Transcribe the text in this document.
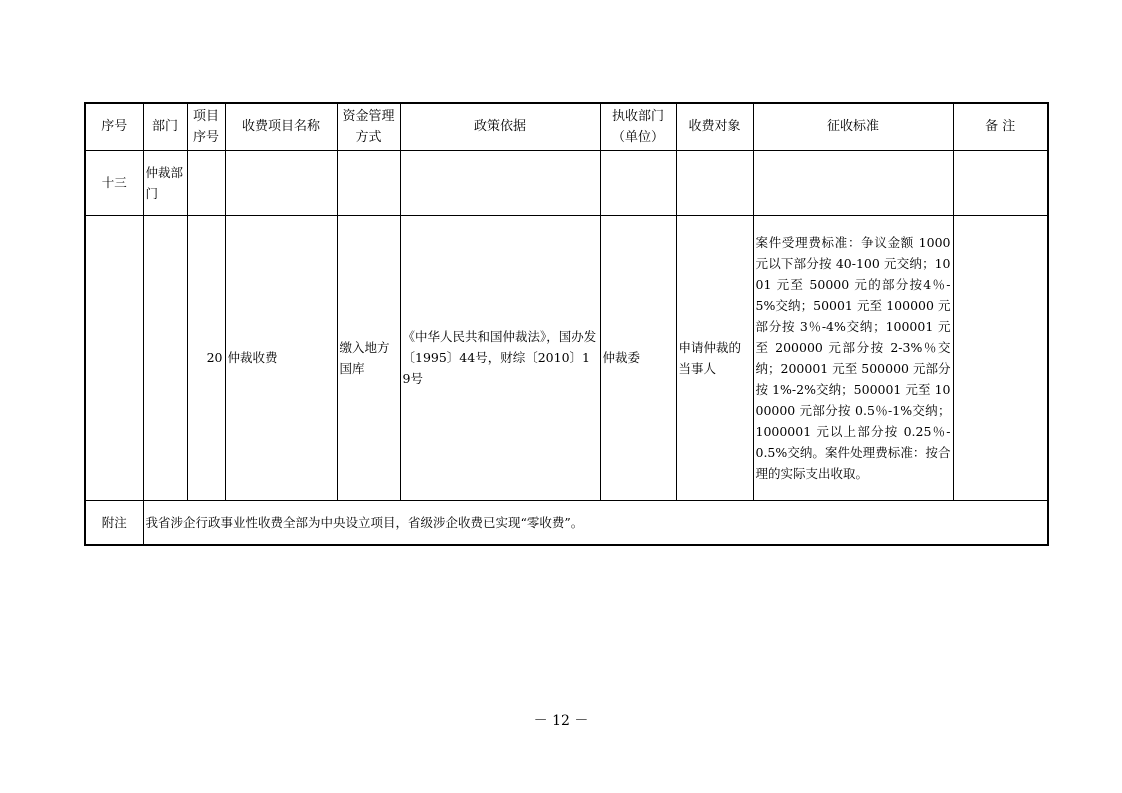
序号	部门	项目序号	收费项目名称	资金管理方式	政策依据	执收部门（单位）	收费对象	征收标准	备 注
十三	仲裁部门								
		20	仲裁收费	缴入地方国库	《中华人民共和国仲裁法》，国办发〔1995〕44号，财综〔2010〕19号	仲裁委	申请仲裁的当事人	案件受理费标准：争议金额 1000 元以下部分按 40-100 元交纳；1001 元至 50000 元的部分按4％-5%交纳；50001 元至 100000 元部分按 3％-4%交纳；100001 元至 200000 元部分按 2-3%％交纳；200001 元至 500000 元部分按 1%-2%交纳；500001 元至 1000000 元部分按 0.5％-1%交纳；1000001 元以上部分按 0.25％-0.5%交纳。案件处理费标准：按合理的实际支出收取。	
附注	我省涉企行政事业性收费全部为中央设立项目，省级涉企收费已实现“零收费”。								
－ 12 －
